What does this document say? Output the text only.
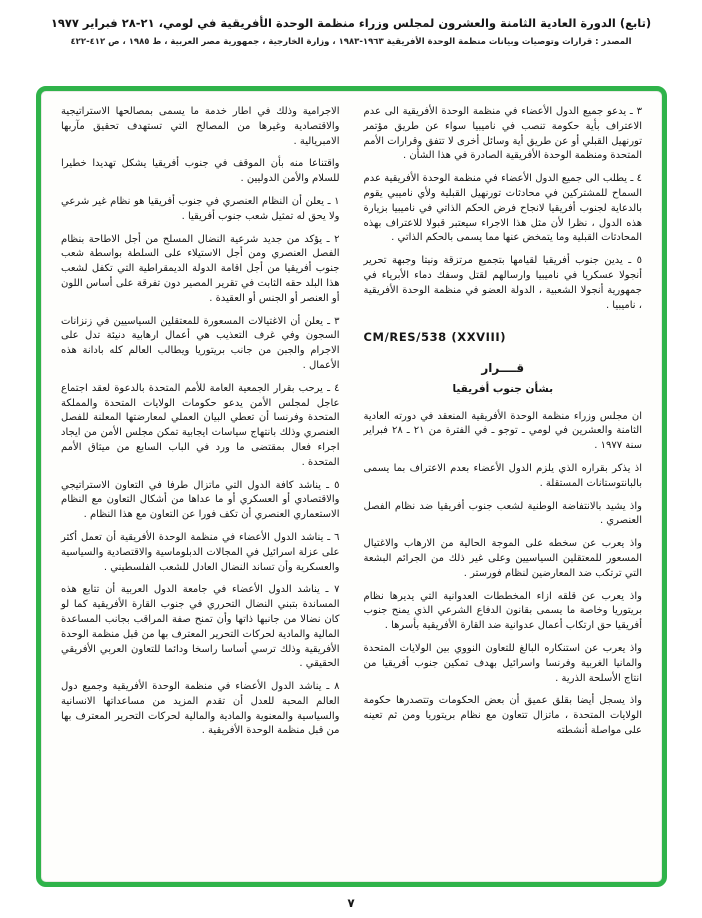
(تابع) الدورة العادية الثامنة والعشرون لمجلس وزراء منظمة الوحدة الأفريقية في لومي، ٢١-٢٨ فبراير ١٩٧٧
المصدر : قرارات وتوصيات وبيانات منظمة الوحدة الأفريقية ١٩٦٣-١٩٨٣ ، وزارة الخارجية ، جمهورية مصر العربية ، ط ١٩٨٥ ، ص ٤١٢-٤٢٢
٣ ـ يدعو جميع الدول الأعضاء في منظمة الوحدة الأفريقية الى عدم الاعتراف بأية حكومة تنصب في ناميبيا سواء عن طريق مؤتمر تورنهيل القبلي أو عن طريق أية وسائل أخرى لا تتفق وقرارات الأمم المتحدة ومنظمة الوحدة الأفريقية الصادرة في هذا الشأن .
٤ ـ يطلب الى جميع الدول الأعضاء في منظمة الوحدة الأفريقية عدم السماح للمشتركين في محادثات تورنهيل القبلية ولأي ناميبي يقوم بالدعاية لجنوب أفريقيا لانجاح فرض الحكم الذاتي في ناميبيا بزيارة هذه الدول ، نظرا لأن مثل هذا الاجراء سيعتبر قبولا للاعتراف بهذه المحادثات القبلية وما يتمخض عنها مما يسمى بالحكم الذاتي .
٥ ـ يدين جنوب أفريقيا لقيامها بتجميع مرتزقة ونيتا وجبهة تحرير أنجولا عسكريا في ناميبيا وارسالهم لقتل وسفك دماء الأبرياء في جمهورية أنجولا الشعبية ، الدولة العضو في منظمة الوحدة الأفريقية ، ناميبيا .
CM/RES/538 (XXVIII)
قــــرار
بشأن جنوب أفريقيا
ان مجلس وزراء منظمة الوحدة الأفريقية المنعقد في دورته العادية الثامنة والعشرين في لومي ـ توجو ـ في الفترة من ٢١ ـ ٢٨ فبراير سنة ١٩٧٧ .
اذ يذكر بقراره الذي يلزم الدول الأعضاء بعدم الاعتراف بما يسمى بالبانتوستانات المستقلة .
واذ يشيد بالانتفاضة الوطنية لشعب جنوب أفريقيا ضد نظام الفصل العنصري .
واذ يعرب عن سخطه على الموجة الحالية من الارهاب والاغتيال المسعور للمعتقلين السياسيين وعلى غير ذلك من الجرائم البشعة التي ترتكب ضد المعارضين لنظام فورستر .
واذ يعرب عن قلقه ازاء المخططات العدوانية التي يديرها نظام بريتوريا وخاصة ما يسمى بقانون الدفاع الشرعي الذي يمنح جنوب أفريقيا حق ارتكاب أعمال عدوانية ضد القارة الأفريقية بأسرها .
واذ يعرب عن استنكاره البالغ للتعاون النووي بين الولايات المتحدة والمانيا الغربية وفرنسا واسرائيل بهدف تمكين جنوب أفريقيا من انتاج الأسلحة الذرية .
واذ يسجل أيضا بقلق عميق أن بعض الحكومات وتتصدرها حكومة الولايات المتحدة ، ماتزال تتعاون مع نظام بريتوريا ومن ثم تعينه على مواصلة أنشطته
الاجرامية وذلك في اطار خدمة ما يسمى بمصالحها الاستراتيجية والاقتصادية وغيرها من المصالح التي تستهدف تحقيق مآربها الامبريالية .
واقتناعا منه بأن الموقف في جنوب أفريقيا يشكل تهديدا خطيرا للسلام والأمن الدوليين .
١ ـ يعلن أن النظام العنصري في جنوب أفريقيا هو نظام غير شرعي ولا يحق له تمثيل شعب جنوب أفريقيا .
٢ ـ يؤكد من جديد شرعية النضال المسلح من أجل الاطاحة بنظام الفصل العنصري ومن أجل الاستيلاء على السلطة بواسطة شعب جنوب أفريقيا من أجل اقامة الدولة الديمقراطية التي تكفل لشعب هذا البلد حقه الثابت في تقرير المصير دون تفرقة على أساس اللون أو العنصر أو الجنس أو العقيدة .
٣ ـ يعلن أن الاغتيالات المسعورة للمعتقلين السياسيين في زنزانات السجون وفي غرف التعذيب هي أعمال ارهابية دنيئة تدل على الاجرام والجبن من جانب بريتوريا ويطالب العالم كله بادانة هذه الأعمال .
٤ ـ يرحب بقرار الجمعية العامة للأمم المتحدة بالدعوة لعقد اجتماع عاجل لمجلس الأمن يدعو حكومات الولايات المتحدة والمملكة المتحدة وفرنسا أن تعطي البيان العملي لمعارضتها المعلنة للفصل العنصري وذلك بانتهاج سياسات ايجابية تمكن مجلس الأمن من ايجاد اجراء فعال بمقتضى ما ورد في الباب السابع من ميثاق الأمم المتحدة .
٥ ـ يناشد كافة الدول التي ماتزال طرفا في التعاون الاستراتيجي والاقتصادي أو العسكري أو ما عداها من أشكال التعاون مع النظام الاستعماري العنصري أن تكف فورا عن التعاون مع هذا النظام .
٦ ـ يناشد الدول الأعضاء في منظمة الوحدة الأفريقية أن تعمل أكثر على عزلة اسرائيل في المجالات الدبلوماسية والاقتصادية والسياسية والعسكرية وأن تساند النضال العادل للشعب الفلسطيني .
٧ ـ يناشد الدول الأعضاء في جامعة الدول العربية أن تتابع هذه المساندة بتبني النضال التحرري في جنوب القارة الأفريقية كما لو كان نضالا من جانبها ذاتها وأن تمنح صفة المراقب بجانب المساعدة المالية والمادية لحركات التحرير المعترف بها من قبل منظمة الوحدة الأفريقية وذلك ترسي أساسا راسخا ودائما للتعاون العربي الأفريقي الحقيقي .
٨ ـ يناشد الدول الأعضاء في منظمة الوحدة الأفريقية وجميع دول العالم المحبة للعدل أن تقدم المزيد من مساعداتها الانسانية والسياسية والمعنوية والمادية والمالية لحركات التحرير المعترف بها من قبل منظمة الوحدة الأفريقية .
٧
